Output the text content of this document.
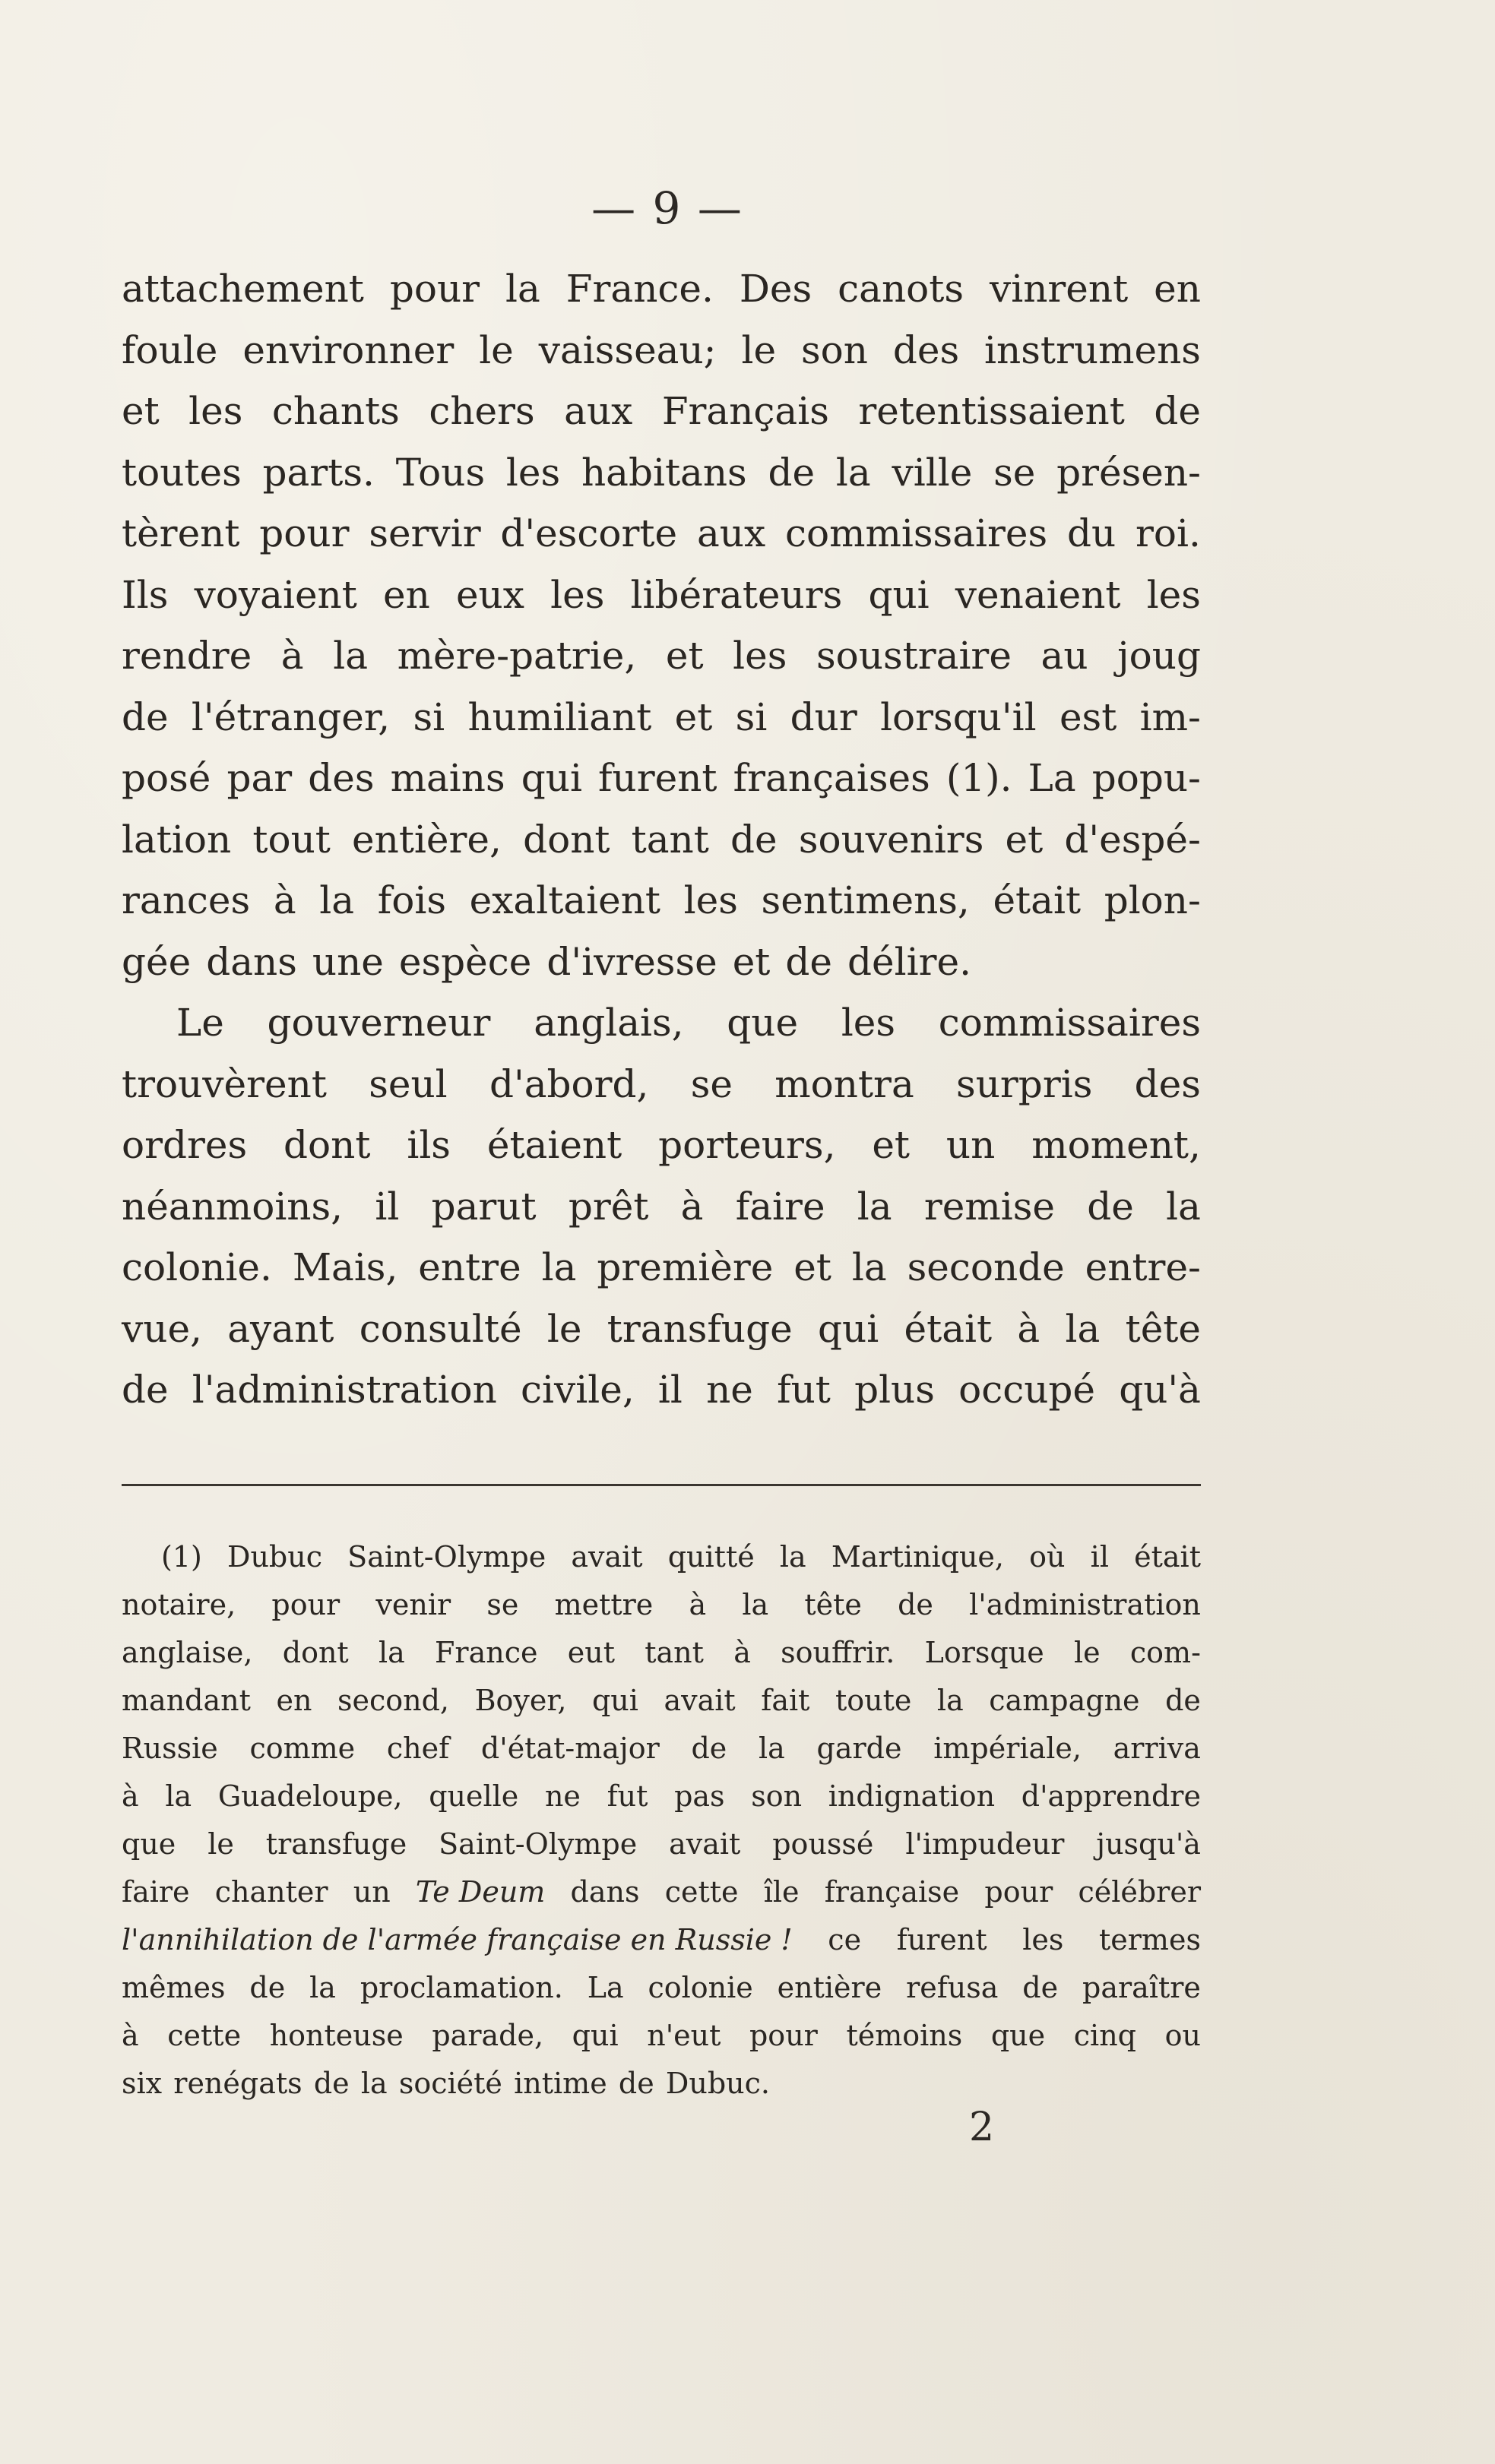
— 9 —
attachement pour la France. Des canots vinrent en
foule environner le vaisseau; le son des instrumens
et les chants chers aux Français retentissaient de
toutes parts. Tous les habitans de la ville se présen-
tèrent pour servir d'escorte aux commissaires du roi.
Ils voyaient en eux les libérateurs qui venaient les
rendre à la mère-patrie, et les soustraire au joug
de l'étranger, si humiliant et si dur lorsqu'il est im-
posé par des mains qui furent françaises (1). La popu-
lation tout entière, dont tant de souvenirs et d'espé-
rances à la fois exaltaient les sentimens, était plon-
gée dans une espèce d'ivresse et de délire.
Le gouverneur anglais, que les commissaires
trouvèrent seul d'abord, se montra surpris des
ordres dont ils étaient porteurs, et un moment,
néanmoins, il parut prêt à faire la remise de la
colonie. Mais, entre la première et la seconde entre-
vue, ayant consulté le transfuge qui était à la tête
de l'administration civile, il ne fut plus occupé qu'à
(1) Dubuc Saint-Olympe avait quitté la Martinique, où il était
notaire, pour venir se mettre à la tête de l'administration
anglaise, dont la France eut tant à souffrir. Lorsque le com-
mandant en second, Boyer, qui avait fait toute la campagne de
Russie comme chef d'état-major de la garde impériale, arriva
à la Guadeloupe, quelle ne fut pas son indignation d'apprendre
que le transfuge Saint-Olympe avait poussé l'impudeur jusqu'à
faire chanter un Te Deum dans cette île française pour célébrer
l'annihilation de l'armée française en Russie ! ce furent les termes
mêmes de la proclamation. La colonie entière refusa de paraître
à cette honteuse parade, qui n'eut pour témoins que cinq ou
six renégats de la société intime de Dubuc.
2
